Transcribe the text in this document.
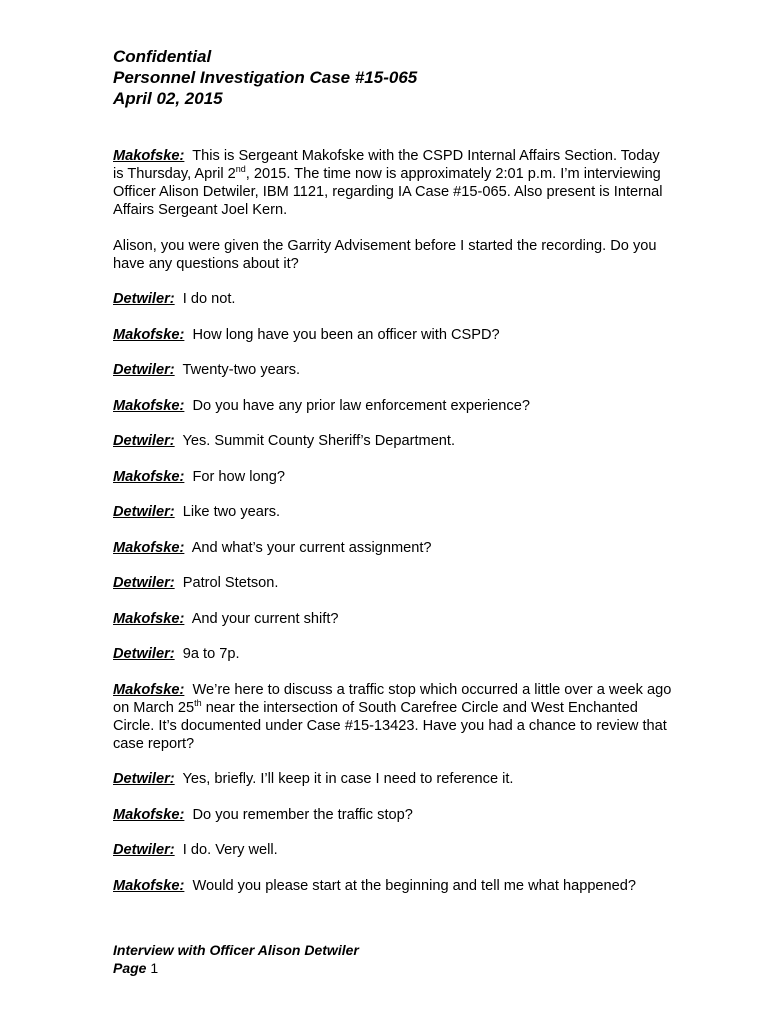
Confidential
Personnel Investigation Case #15-065
April 02, 2015

Makofske: This is Sergeant Makofske with the CSPD Internal Affairs Section. Today is Thursday, April 2nd, 2015. The time now is approximately 2:01 p.m. I’m interviewing Officer Alison Detwiler, IBM 1121, regarding IA Case #15-065. Also present is Internal Affairs Sergeant Joel Kern.

Alison, you were given the Garrity Advisement before I started the recording. Do you have any questions about it?

Detwiler: I do not.

Makofske: How long have you been an officer with CSPD?

Detwiler: Twenty-two years.

Makofske: Do you have any prior law enforcement experience?

Detwiler: Yes. Summit County Sheriff’s Department.

Makofske: For how long?

Detwiler: Like two years.

Makofske: And what’s your current assignment?

Detwiler: Patrol Stetson.

Makofske: And your current shift?

Detwiler: 9a to 7p.

Makofske: We’re here to discuss a traffic stop which occurred a little over a week ago on March 25th near the intersection of South Carefree Circle and West Enchanted Circle. It’s documented under Case #15-13423. Have you had a chance to review that case report?

Detwiler: Yes, briefly. I’ll keep it in case I need to reference it.

Makofske: Do you remember the traffic stop?

Detwiler: I do. Very well.

Makofske: Would you please start at the beginning and tell me what happened?

Interview with Officer Alison Detwiler
Page 1
